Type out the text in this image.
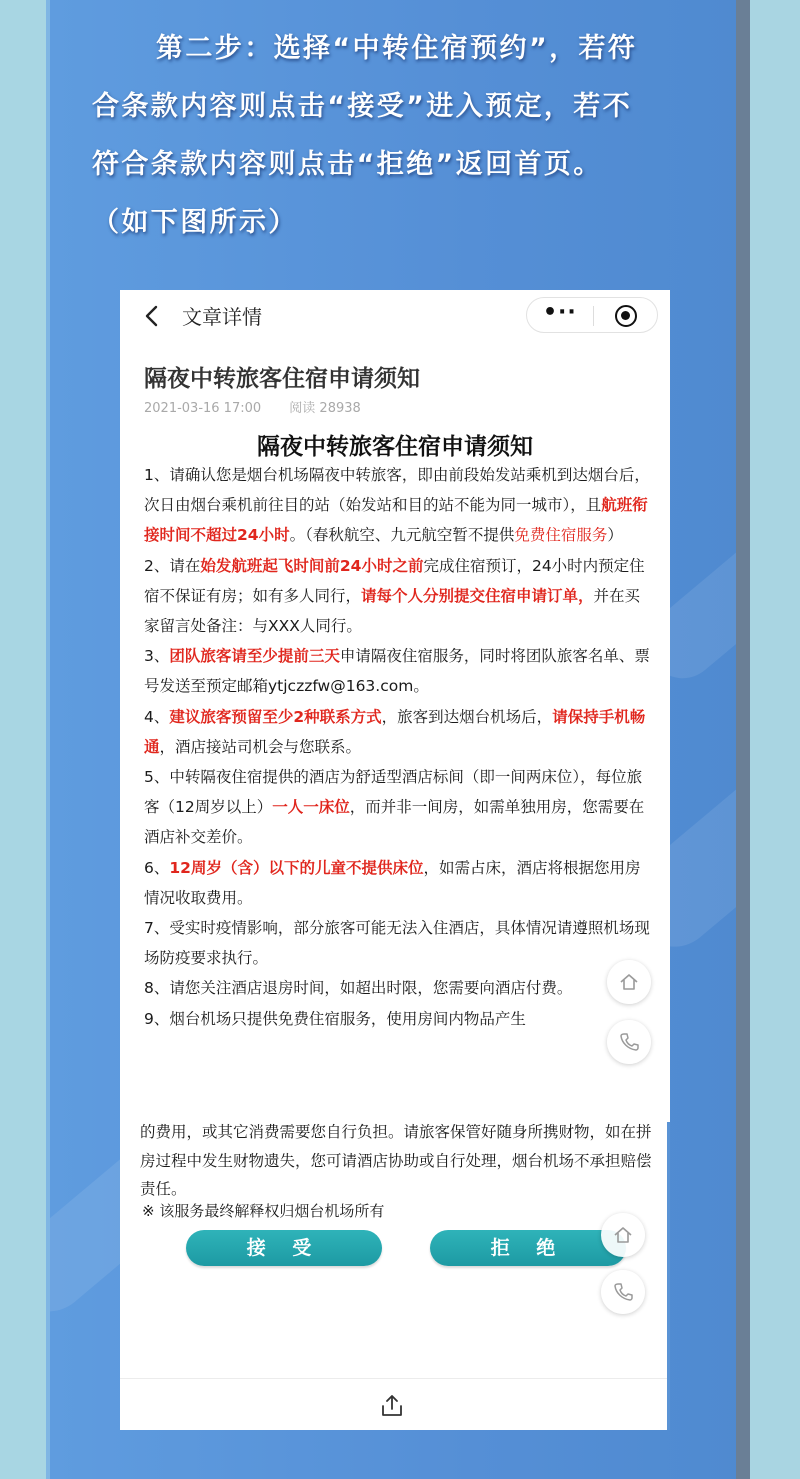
第二步：选择“中转住宿预约”，若符
合条款内容则点击“接受”进入预定，若不
符合条款内容则点击“拒绝”返回首页。
（如下图所示）
文章详情	•··
隔夜中转旅客住宿申请须知
2021-03-16 17:00 阅读 28938
隔夜中转旅客住宿申请须知

1、请确认您是烟台机场隔夜中转旅客，即由前段始发站乘机到达烟台后，次日由烟台乘机前往目的站（始发站和目的站不能为同一城市），且航班衔接时间不超过24小时。（春秋航空、九元航空暂不提供免费住宿服务）

2、请在始发航班起飞时间前24小时之前完成住宿预订，24小时内预定住宿不保证有房；如有多人同行，请每个人分别提交住宿申请订单，并在买家留言处备注：与XXX人同行。

3、团队旅客请至少提前三天申请隔夜住宿服务，同时将团队旅客名单、票号发送至预定邮箱ytjczzfw@163.com。

4、建议旅客预留至少2种联系方式，旅客到达烟台机场后，请保持手机畅通，酒店接站司机会与您联系。

5、中转隔夜住宿提供的酒店为舒适型酒店标间（即一间两床位），每位旅客（12周岁以上）一人一床位，而并非一间房，如需单独用房，您需要在酒店补交差价。

6、12周岁（含）以下的儿童不提供床位，如需占床，酒店将根据您用房情况收取费用。

7、受实时疫情影响，部分旅客可能无法入住酒店，具体情况请遵照机场现场防疫要求执行。

8、请您关注酒店退房时间，如超出时限，您需要向酒店付费。

9、烟台机场只提供免费住宿服务，使用房间内物品产生

的费用，或其它消费需要您自行负担。请旅客保管好随身所携财物，如在拼房过程中发生财物遗失，您可请酒店协助或自行处理，烟台机场不承担赔偿责任。
※ 该服务最终解释权归烟台机场所有
接 受	拒 绝
